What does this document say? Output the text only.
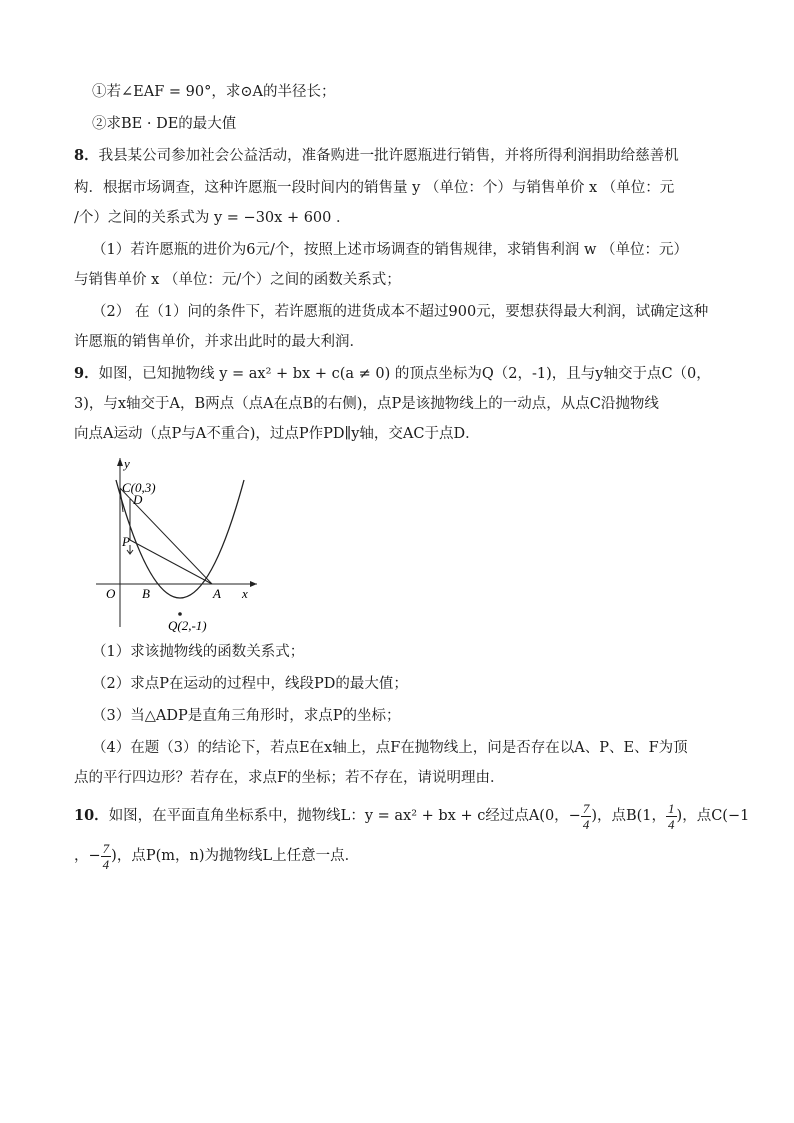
①若∠EAF = 90°，求⊙A的半径长；
②求BE · DE的最大值
8．我县某公司参加社会公益活动，准备购进一批许愿瓶进行销售，并将所得利润捐助给慈善机
构．根据市场调查，这种许愿瓶一段时间内的销售量 y （单位：个）与销售单价 x （单位：元
/个）之间的关系式为 y = −30x + 600 ．
（1）若许愿瓶的进价为6元/个，按照上述市场调查的销售规律，求销售利润 w （单位：元）
与销售单价 x （单位：元/个）之间的函数关系式；
（2） 在（1）问的条件下，若许愿瓶的进货成本不超过900元，要想获得最大利润，试确定这种
许愿瓶的销售单价，并求出此时的最大利润．
9．如图，已知抛物线 y = ax² + bx + c(a ≠ 0) 的顶点坐标为Q（2，-1)，且与y轴交于点C（0，
3)，与x轴交于A，B两点（点A在点B的右侧)，点P是该抛物线上的一动点，从点C沿抛物线
向点A运动（点P与A不重合)，过点P作PD∥y轴，交AC于点D．
y
x
O
C(0,3)
D
P
B	A
Q(2,-1)
（1）求该抛物线的函数关系式；
（2）求点P在运动的过程中，线段PD的最大值；
（3）当△ADP是直角三角形时，求点P的坐标；
（4）在题（3）的结论下，若点E在x轴上，点F在抛物线上，问是否存在以A、P、E、F为顶
点的平行四边形？若存在，求点F的坐标；若不存在，请说明理由．
10．如图，在平面直角坐标系中，抛物线L：y = ax² + bx + c经过点A(0，− $\frac{7}{4}$ )，点B(1， $\frac{1}{4}$ )，点C(−1
，− $\frac{7}{4}$ )，点P(m，n)为抛物线L上任意一点．
